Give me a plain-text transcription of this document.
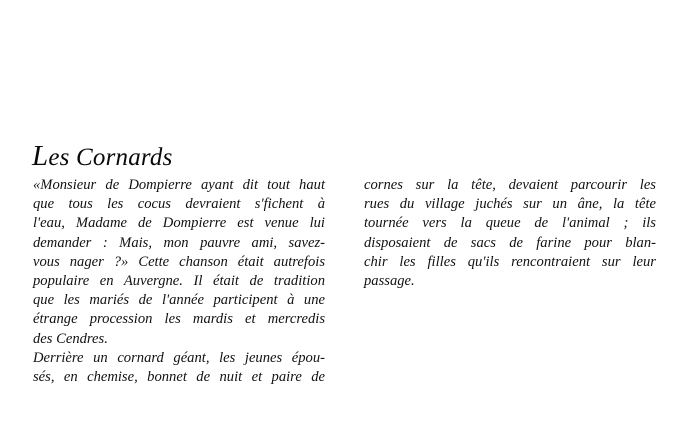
Les Cornards
«Monsieur de Dompierre ayant dit tout haut
que tous les cocus devraient s'fichent à
l'eau, Madame de Dompierre est venue lui
demander : Mais, mon pauvre ami, savez-
vous nager ?» Cette chanson était autrefois
populaire en Auvergne. Il était de tradition
que les mariés de l'année participent à une
étrange procession les mardis et mercredis
des Cendres.
Derrière un cornard géant, les jeunes épou-
sés, en chemise, bonnet de nuit et paire de
cornes sur la tête, devaient parcourir les
rues du village juchés sur un âne, la tête
tournée vers la queue de l'animal ; ils
disposaient de sacs de farine pour blan-
chir les filles qu'ils rencontraient sur leur
passage.
